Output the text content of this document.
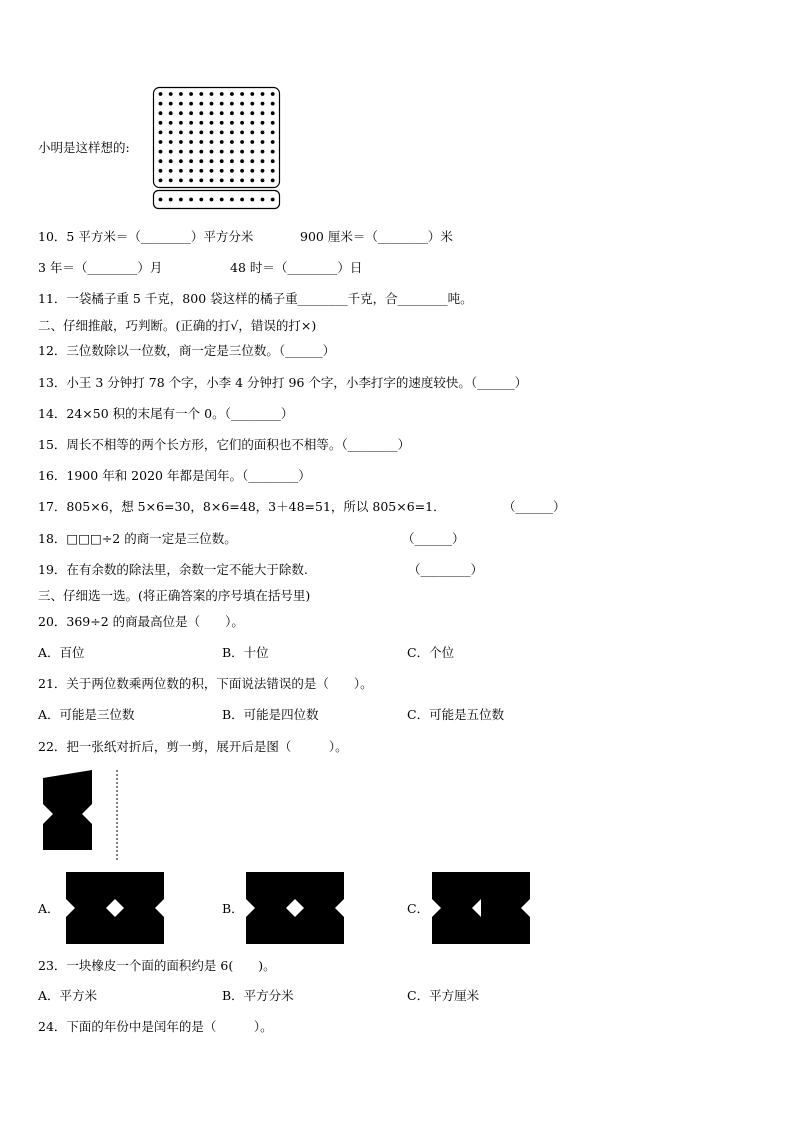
小明是这样想的:
10．5 平方米＝（________）平方分米	900 厘米＝（________）米
3 年＝（________）月	48 时＝（________）日
11．一袋橘子重 5 千克，800 袋这样的橘子重________千克，合________吨。
二、仔细推敲，巧判断。(正确的打√，错误的打×)
12．三位数除以一位数，商一定是三位数。（______）
13．小王 3 分钟打 78 个字，小李 4 分钟打 96 个字，小李打字的速度较快。（______）
14．24×50 积的末尾有一个 0。（________）
15．周长不相等的两个长方形，它们的面积也不相等。（________）
16．1900 年和 2020 年都是闰年。（________）
17．805×6，想 5×6=30，8×6=48，3＋48=51，所以 805×6=1．	（______）
18．□□□÷2 的商一定是三位数。	（______）
19．在有余数的除法里，余数一定不能大于除数.	（________）
三、仔细选一选。(将正确答案的序号填在括号里)
20．369÷2 的商最高位是（　　）。
A．百位	B．十位	C．个位
21．关于两位数乘两位数的积，下面说法错误的是（　　）。
A．可能是三位数	B．可能是四位数	C．可能是五位数
22．把一张纸对折后，剪一剪，展开后是图（　　　）。
A．	B．	C．
23．一块橡皮一个面的面积约是 6(　　)。
A．平方米	B．平方分米	C．平方厘米
24．下面的年份中是闰年的是（　　　）。
